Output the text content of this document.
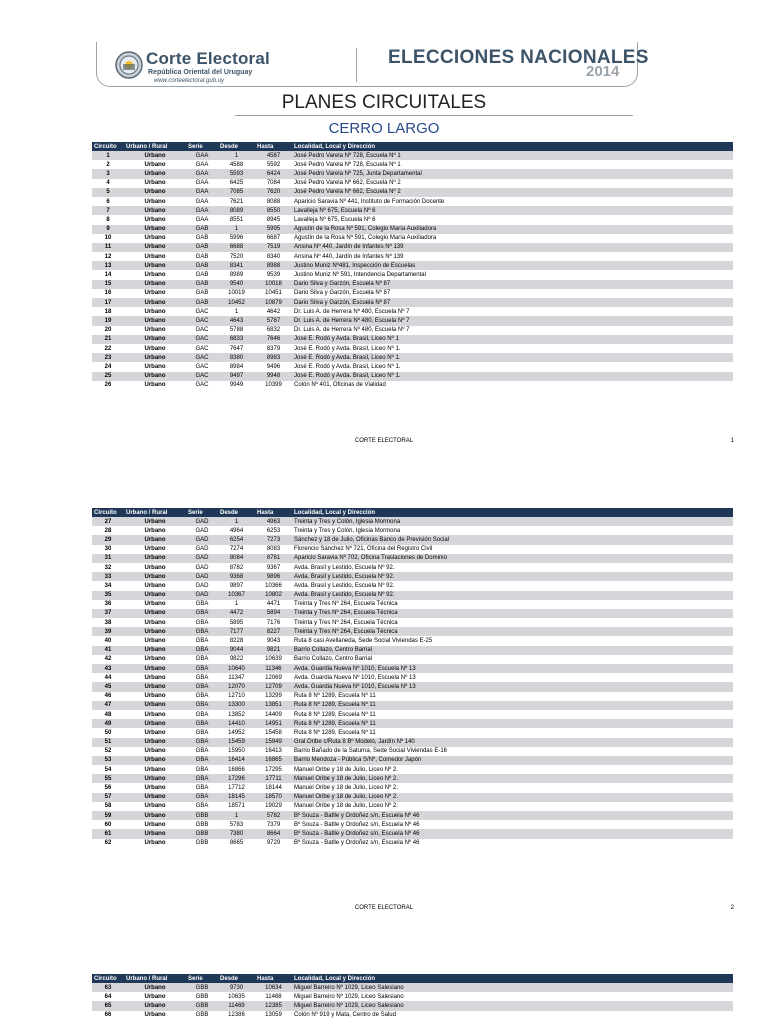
Corte Electoral
República Oriental del Uruguay
www.corteelectoral.gub.uy
ELECCIONES NACIONALES
2014
PLANES CIRCUITALES
CERRO LARGO
Circuito	Urbano / Rural	Serie	Desde	Hasta	Localidad, Local y Dirección
1	Urbano	GAA	1	4587	José Pedro Varela Nº 728, Escuela Nº 1
2	Urbano	GAA	4588	5592	José Pedro Varela Nº 728, Escuela Nº 1
3	Urbano	GAA	5593	6424	José Pedro Varela Nº 725, Junta Departamental
4	Urbano	GAA	6425	7084	José Pedro Varela Nº 662, Escuela Nº 2
5	Urbano	GAA	7085	7620	José Pedro Varela Nº 662, Escuela Nº 2
6	Urbano	GAA	7621	8088	Aparicio Saravia Nº 441, Instituto de Formación Docente
7	Urbano	GAA	8089	8550	Lavalleja Nº 675, Escuela Nº 6
8	Urbano	GAA	8551	8945	Lavalleja Nº 675, Escuela Nº 6
9	Urbano	GAB	1	5995	Agustín de la Rosa Nº 591, Colegio María Auxiliadora
10	Urbano	GAB	5996	6687	Agustín de la Rosa Nº 591, Colegio María Auxiliadora
11	Urbano	GAB	6688	7519	Ansina Nº 440, Jardín de Infantes Nº 139
12	Urbano	GAB	7520	8340	Ansina Nº 440, Jardín de Infantes Nº 139
13	Urbano	GAB	8341	8988	Justino Muniz Nº481, Inspección de Escuelas
14	Urbano	GAB	8989	9539	Justino Muniz Nº 591, Intendencia Departamental
15	Urbano	GAB	9540	10018	Dario Silva y Garzón, Escuela Nº 87
16	Urbano	GAB	10019	10451	Dario Silva y Garzón, Escuela Nº 87
17	Urbano	GAB	10452	10879	Dario Silva y Garzón, Escuela Nº 87
18	Urbano	GAC	1	4642	Dr. Luis A. de Herrera Nº 480, Escuela Nº 7
19	Urbano	GAC	4643	5787	Dr. Luis A. de Herrera Nº 480, Escuela Nº 7
20	Urbano	GAC	5788	6832	Dr. Luis A. de Herrera Nº 480, Escuela Nº 7
21	Urbano	GAC	6833	7646	José E. Rodó y Avda. Brasil, Liceo Nº 1
22	Urbano	GAC	7647	8379	José E. Rodó y Avda. Brasil, Liceo Nº 1.
23	Urbano	GAC	8380	8983	José E. Rodó y Avda. Brasil, Liceo Nº 1.
24	Urbano	GAC	8984	9496	José E. Rodó y Avda. Brasil, Liceo Nº 1.
25	Urbano	GAC	9497	9948	José E. Rodó y Avda. Brasil, Liceo Nº 1.
26	Urbano	GAC	9949	10399	Colón Nº 401, Oficinas de Vialidad
CORTE ELECTORAL	1
Circuito	Urbano / Rural	Serie	Desde	Hasta	Localidad, Local y Dirección
27	Urbano	GAD	1	4963	Treinta y Tres y Colón, Iglesia Mormona
28	Urbano	GAD	4964	6253	Treinta y Tres y Colón, Iglesia Mormona
29	Urbano	GAD	6254	7273	Sánchez y 18 de Julio, Oficinas Banco de Previsión Social
30	Urbano	GAD	7274	8083	Florencio Sánchez Nº 721, Oficina del Registro Civil
31	Urbano	GAD	8084	8781	Aparicio Saravia Nº 702, Oficina Traslaciones de Dominio
32	Urbano	GAD	8782	9367	Avda. Brasil y Lestido, Escuela Nº 92.
33	Urbano	GAD	9368	9896	Avda. Brasil y Lestido, Escuela Nº 92.
34	Urbano	GAD	9897	10366	Avda. Brasil y Lestido, Escuela Nº 92.
35	Urbano	GAD	10367	10802	Avda. Brasil y Lestido, Escuela Nº 92.
36	Urbano	GBA	1	4471	Treinta y Tres Nº 264, Escuela Técnica
37	Urbano	GBA	4472	5894	Treinta y Tres Nº 264, Escuela Técnica
38	Urbano	GBA	5895	7176	Treinta y Tres Nº 264, Escuela Técnica
39	Urbano	GBA	7177	8227	Treinta y Tres Nº 264, Escuela Técnica
40	Urbano	GBA	8228	9043	Ruta 8 casi Avellaneda, Sede Social Viviendas E-25
41	Urbano	GBA	9044	9821	Barrio Collazo, Centro Barrial
42	Urbano	GBA	9822	10639	Barrio Collazo, Centro Barrial
43	Urbano	GBA	10640	11346	Avda. Guardia Nueva Nº 1010, Escuela Nº 13
44	Urbano	GBA	11347	12069	Avda. Guardia Nueva Nº 1010, Escuela Nº 13
45	Urbano	GBA	12070	12709	Avda. Guardia Nueva Nº 1010, Escuela Nº 13
46	Urbano	GBA	12710	13299	Ruta 8 Nº 1289, Escuela Nº 11
47	Urbano	GBA	13300	13851	Ruta 8 Nº 1289, Escuela Nº 11
48	Urbano	GBA	13852	14409	Ruta 8 Nº 1289, Escuela Nº 11
49	Urbano	GBA	14410	14951	Ruta 8 Nº 1289, Escuela Nº 11
50	Urbano	GBA	14952	15458	Ruta 8 Nº 1289, Escuela Nº 11
51	Urbano	GBA	15459	15949	Gral.Oribe c/Ruta 8 Bº Modelo, Jardín Nº 140
52	Urbano	GBA	15950	16413	Barrio Bañado de la Saturna, Sede Social Viviendas E-16
53	Urbano	GBA	16414	16865	Barrio Mendoza - Pública S/Nº, Comedor Japón
54	Urbano	GBA	16866	17295	Manuel Oribe y 18 de Julio, Liceo Nº 2.
55	Urbano	GBA	17296	17711	Manuel Oribe y 18 de Julio, Liceo Nº 2.
56	Urbano	GBA	17712	18144	Manuel Oribe y 18 de Julio, Liceo Nº 2.
57	Urbano	GBA	18145	18570	Manuel Oribe y 18 de Julio, Liceo Nº 2.
58	Urbano	GBA	18571	19029	Manuel Oribe y 18 de Julio, Liceo Nº 2.
59	Urbano	GBB	1	5782	Bº Souza - Batlle y Ordoñez s/n, Escuela Nº 46
60	Urbano	GBB	5783	7379	Bº Souza - Batlle y Ordoñez s/n, Escuela Nº 46
61	Urbano	GBB	7380	8664	Bº Souza - Batlle y Ordoñez s/n, Escuela Nº 46
62	Urbano	GBB	8665	9729	Bº Souza - Batlle y Ordoñez s/n, Escuela Nº 46
CORTE ELECTORAL	2
Circuito	Urbano / Rural	Serie	Desde	Hasta	Localidad, Local y Dirección
63	Urbano	GBB	9730	10634	Miguel Barreiro Nº 1029, Liceo Salesiano
64	Urbano	GBB	10635	11468	Miguel Barreiro Nº 1029, Liceo Salesiano
65	Urbano	GBB	11469	12385	Miguel Barreiro Nº 1029, Liceo Salesiano
66	Urbano	GBB	12386	13059	Colón Nº 919 y Mata, Centro de Salud
